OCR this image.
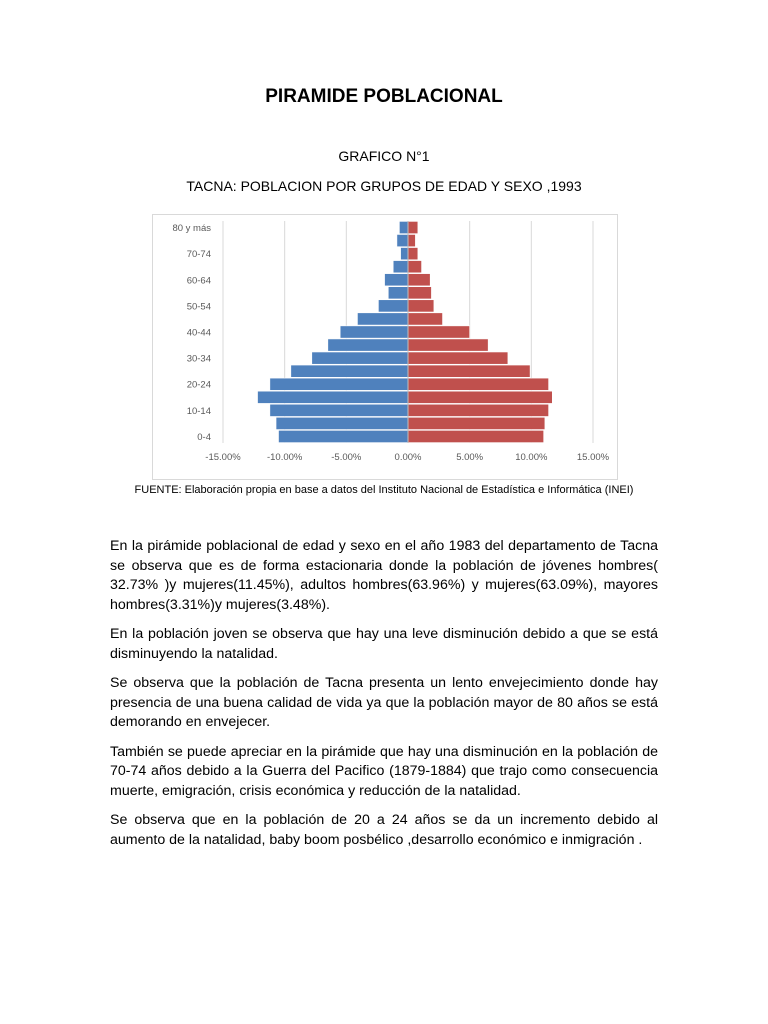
PIRAMIDE POBLACIONAL
GRAFICO N°1
TACNA: POBLACION POR GRUPOS DE EDAD Y SEXO ,1993
0-4
10-14
20-24
30-34
40-44
50-54
60-64
70-74
80 y más
-15.00%	-10.00%	-5.00%	0.00%	5.00%	10.00%	15.00%
FUENTE: Elaboración propia en base a datos del Instituto Nacional de Estadística e Informática (INEI)

En la pirámide poblacional de edad y sexo en el año 1983 del departamento de Tacna se observa que es de forma estacionaria donde la población de jóvenes hombres( 32.73% )y mujeres(11.45%), adultos hombres(63.96%) y mujeres(63.09%), mayores hombres(3.31%)y mujeres(3.48%).

En la población joven se observa que hay una leve disminución debido a que se está disminuyendo la natalidad.

Se observa que la población de Tacna presenta un lento envejecimiento donde hay presencia de una buena calidad de vida ya que la población mayor de 80 años se está demorando en envejecer.

También se puede apreciar en la pirámide que hay una disminución en la población de 70-74 años debido a la Guerra del Pacifico (1879-1884) que trajo como consecuencia muerte, emigración, crisis económica y reducción de la natalidad.

Se observa que en la población de 20 a 24 años se da un incremento debido al aumento de la natalidad, baby boom posbélico ,desarrollo económico e inmigración .
